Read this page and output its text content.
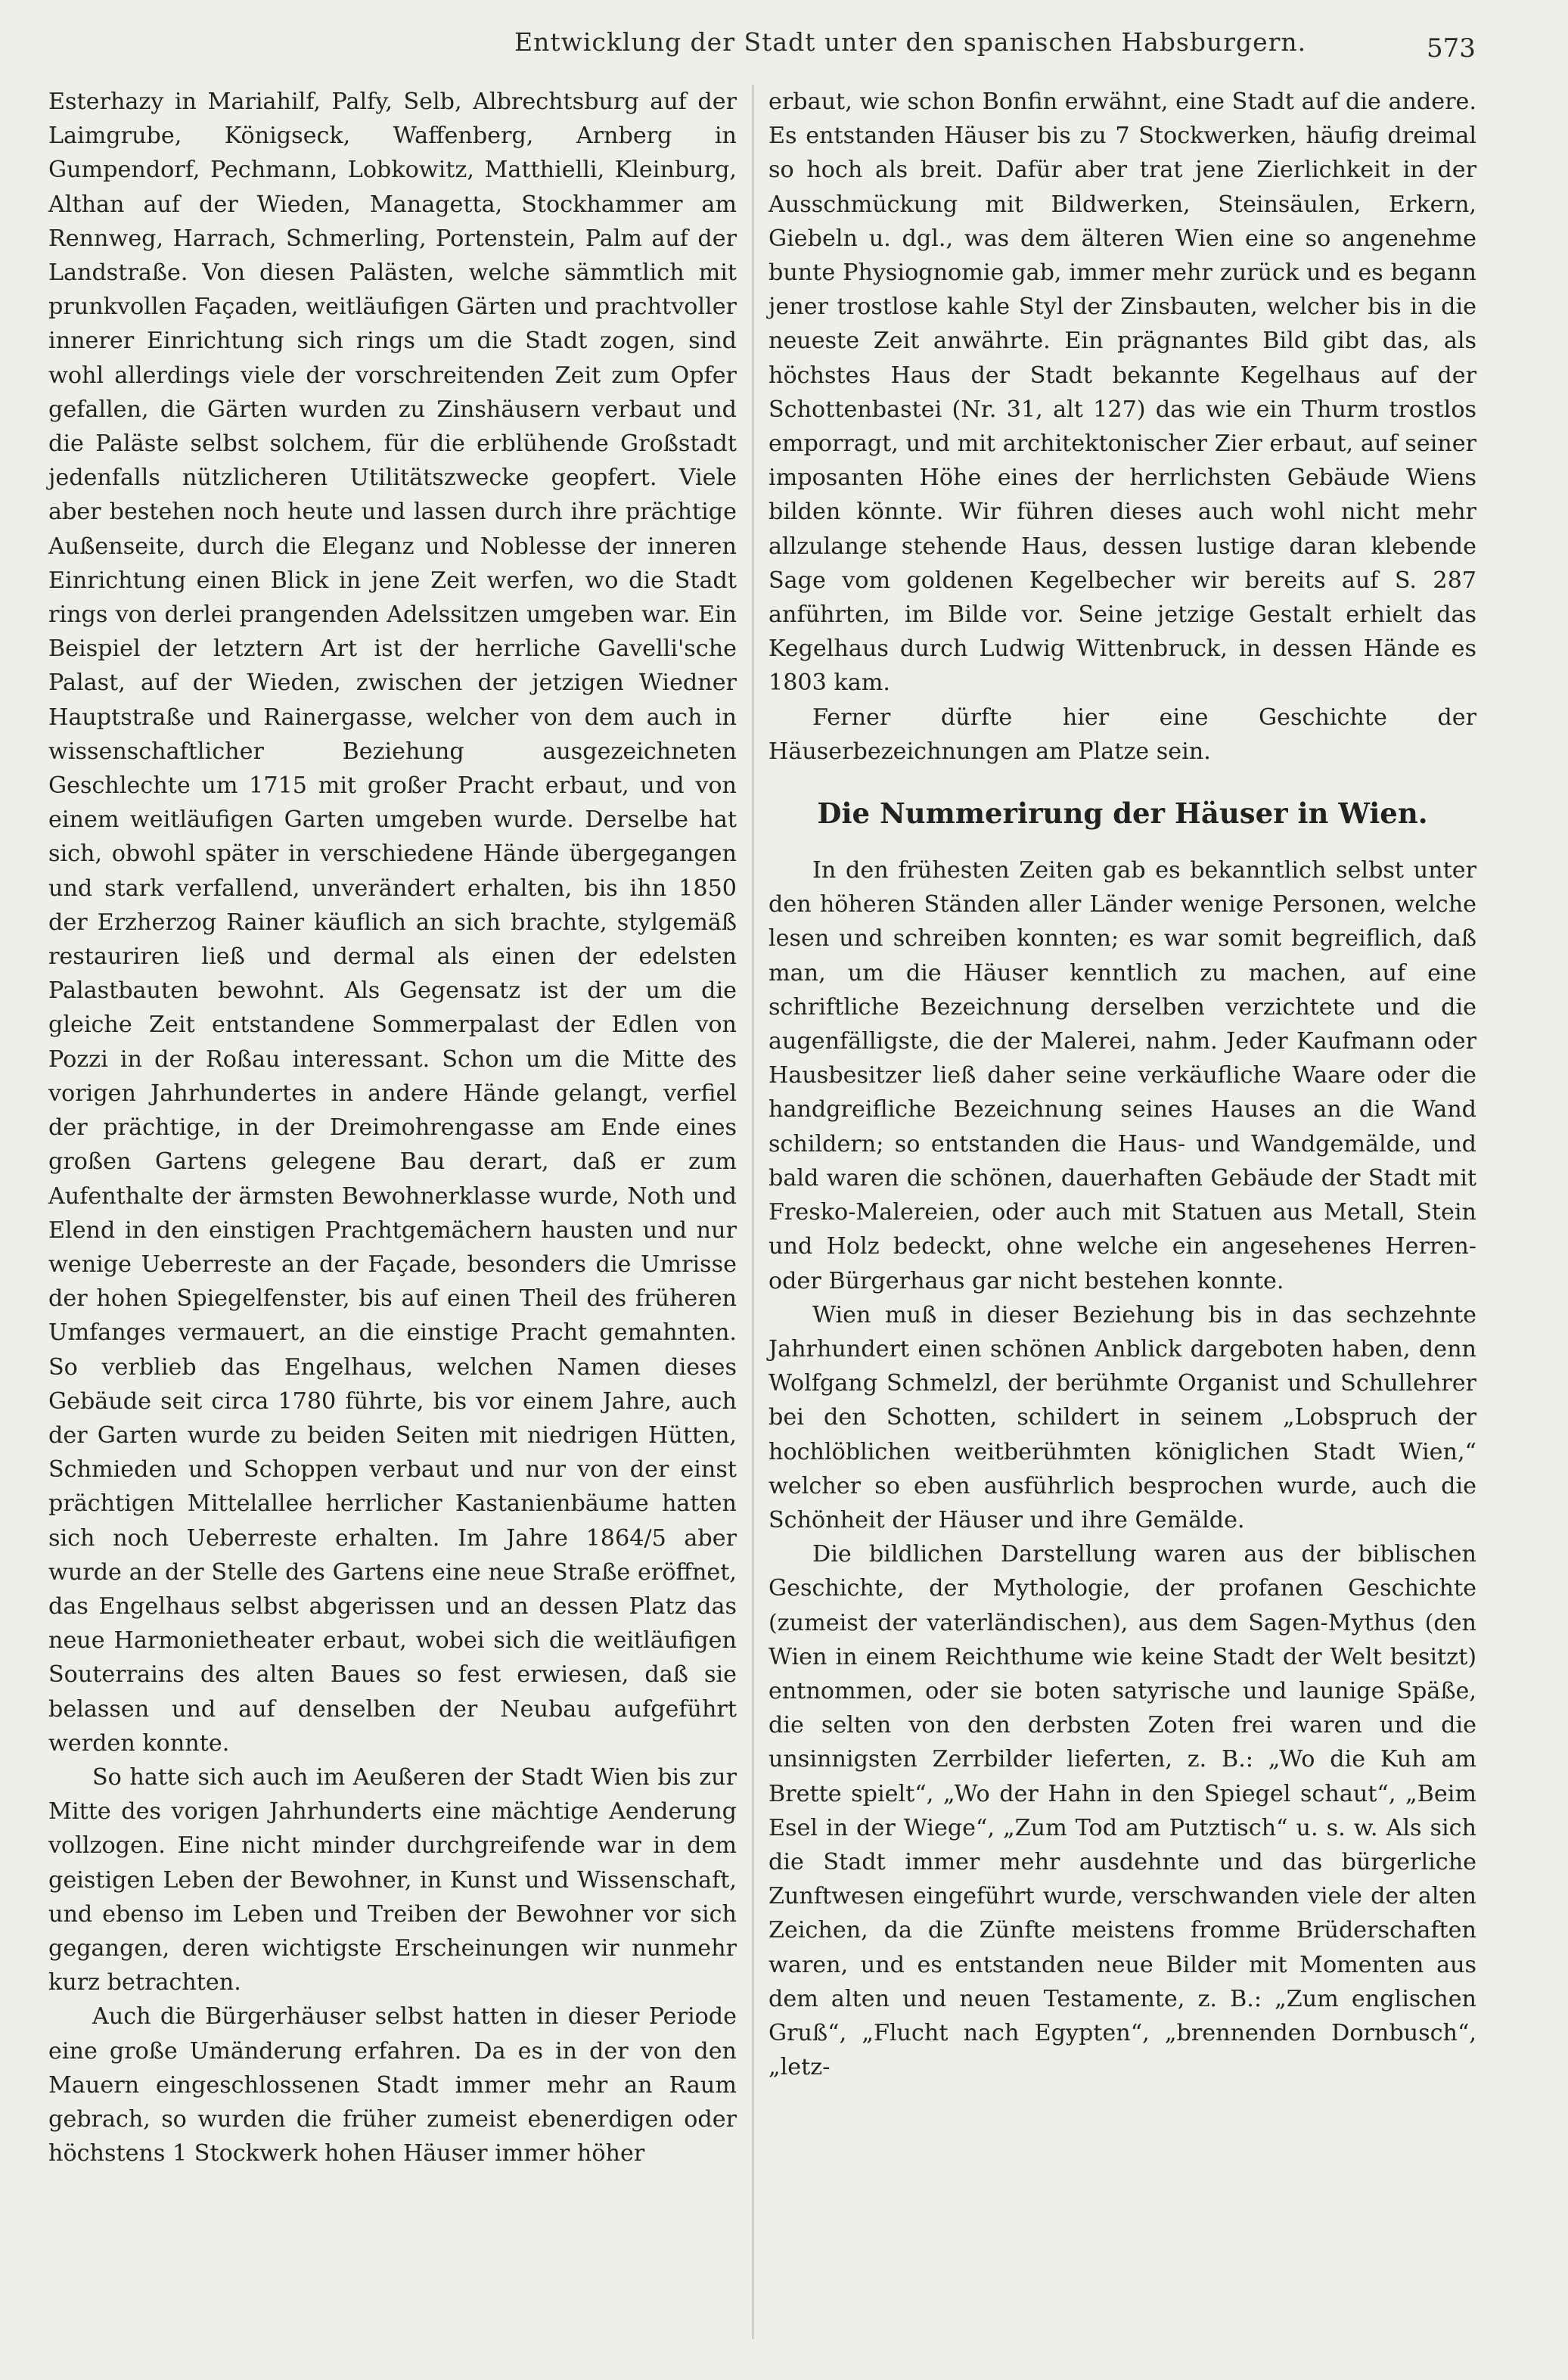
Entwicklung der Stadt unter den spanischen Habsburgern.	573

Esterhazy in Mariahilf, Palfy, Selb, Albrechtsburg auf der Laimgrube, Königseck, Waffenberg, Arnberg in Gumpendorf, Pechmann, Lobkowitz, Matthielli, Kleinburg, Althan auf der Wieden, Managetta, Stockhammer am Rennweg, Harrach, Schmerling, Portenstein, Palm auf der Landstraße. Von diesen Palästen, welche sämmtlich mit prunkvollen Façaden, weitläufigen Gärten und prachtvoller innerer Einrichtung sich rings um die Stadt zogen, sind wohl allerdings viele der vorschreitenden Zeit zum Opfer gefallen, die Gärten wurden zu Zinshäusern verbaut und die Paläste selbst solchem, für die erblühende Großstadt jedenfalls nützlicheren Utilitätszwecke geopfert. Viele aber bestehen noch heute und lassen durch ihre prächtige Außenseite, durch die Eleganz und Noblesse der inneren Einrichtung einen Blick in jene Zeit werfen, wo die Stadt rings von derlei prangenden Adelssitzen umgeben war. Ein Beispiel der letztern Art ist der herrliche Gavelli'sche Palast, auf der Wieden, zwischen der jetzigen Wiedner Hauptstraße und Rainergasse, welcher von dem auch in wissenschaftlicher Beziehung ausgezeichneten Geschlechte um 1715 mit großer Pracht erbaut, und von einem weitläufigen Garten umgeben wurde. Derselbe hat sich, obwohl später in verschiedene Hände übergegangen und stark verfallend, unverändert erhalten, bis ihn 1850 der Erzherzog Rainer käuflich an sich brachte, stylgemäß restauriren ließ und dermal als einen der edelsten Palastbauten bewohnt. Als Gegensatz ist der um die gleiche Zeit entstandene Sommerpalast der Edlen von Pozzi in der Roßau interessant. Schon um die Mitte des vorigen Jahrhundertes in andere Hände gelangt, verfiel der prächtige, in der Dreimohrengasse am Ende eines großen Gartens gelegene Bau derart, daß er zum Aufenthalte der ärmsten Bewohnerklasse wurde, Noth und Elend in den einstigen Prachtgemächern hausten und nur wenige Ueberreste an der Façade, besonders die Umrisse der hohen Spiegelfenster, bis auf einen Theil des früheren Umfanges vermauert, an die einstige Pracht gemahnten. So verblieb das Engelhaus, welchen Namen dieses Gebäude seit circa 1780 führte, bis vor einem Jahre, auch der Garten wurde zu beiden Seiten mit niedrigen Hütten, Schmieden und Schoppen verbaut und nur von der einst prächtigen Mittelallee herrlicher Kastanienbäume hatten sich noch Ueberreste erhalten. Im Jahre 1864/5 aber wurde an der Stelle des Gartens eine neue Straße eröffnet, das Engelhaus selbst abgerissen und an dessen Platz das neue Harmonietheater erbaut, wobei sich die weitläufigen Souterrains des alten Baues so fest erwiesen, daß sie belassen und auf denselben der Neubau aufgeführt werden konnte.

So hatte sich auch im Aeußeren der Stadt Wien bis zur Mitte des vorigen Jahrhunderts eine mächtige Aenderung vollzogen. Eine nicht minder durchgreifende war in dem geistigen Leben der Bewohner, in Kunst und Wissenschaft, und ebenso im Leben und Treiben der Bewohner vor sich gegangen, deren wichtigste Erscheinungen wir nunmehr kurz betrachten.

Auch die Bürgerhäuser selbst hatten in dieser Periode eine große Umänderung erfahren. Da es in der von den Mauern eingeschlossenen Stadt immer mehr an Raum gebrach, so wurden die früher zumeist ebenerdigen oder höchstens 1 Stockwerk hohen Häuser immer höher

erbaut, wie schon Bonfin erwähnt, eine Stadt auf die andere. Es entstanden Häuser bis zu 7 Stockwerken, häufig dreimal so hoch als breit. Dafür aber trat jene Zierlichkeit in der Ausschmückung mit Bildwerken, Steinsäulen, Erkern, Giebeln u. dgl., was dem älteren Wien eine so angenehme bunte Physiognomie gab, immer mehr zurück und es begann jener trostlose kahle Styl der Zinsbauten, welcher bis in die neueste Zeit anwährte. Ein prägnantes Bild gibt das, als höchstes Haus der Stadt bekannte Kegelhaus auf der Schottenbastei (Nr. 31, alt 127) das wie ein Thurm trostlos emporragt, und mit architektonischer Zier erbaut, auf seiner imposanten Höhe eines der herrlichsten Gebäude Wiens bilden könnte. Wir führen dieses auch wohl nicht mehr allzulange stehende Haus, dessen lustige daran klebende Sage vom goldenen Kegelbecher wir bereits auf S. 287 anführten, im Bilde vor. Seine jetzige Gestalt erhielt das Kegelhaus durch Ludwig Wittenbruck, in dessen Hände es 1803 kam.

Ferner dürfte hier eine Geschichte der Häuserbezeichnungen am Platze sein.

Die Nummerirung der Häuser in Wien.

In den frühesten Zeiten gab es bekanntlich selbst unter den höheren Ständen aller Länder wenige Personen, welche lesen und schreiben konnten; es war somit begreiflich, daß man, um die Häuser kenntlich zu machen, auf eine schriftliche Bezeichnung derselben verzichtete und die augenfälligste, die der Malerei, nahm. Jeder Kaufmann oder Hausbesitzer ließ daher seine verkäufliche Waare oder die handgreifliche Bezeichnung seines Hauses an die Wand schildern; so entstanden die Haus- und Wandgemälde, und bald waren die schönen, dauerhaften Gebäude der Stadt mit Fresko-Malereien, oder auch mit Statuen aus Metall, Stein und Holz bedeckt, ohne welche ein angesehenes Herren- oder Bürgerhaus gar nicht bestehen konnte.

Wien muß in dieser Beziehung bis in das sechzehnte Jahrhundert einen schönen Anblick dargeboten haben, denn Wolfgang Schmelzl, der berühmte Organist und Schullehrer bei den Schotten, schildert in seinem „Lobspruch der hochlöblichen weitberühmten königlichen Stadt Wien,“ welcher so eben ausführlich besprochen wurde, auch die Schönheit der Häuser und ihre Gemälde.

Die bildlichen Darstellung waren aus der biblischen Geschichte, der Mythologie, der profanen Geschichte (zumeist der vaterländischen), aus dem Sagen-Mythus (den Wien in einem Reichthume wie keine Stadt der Welt besitzt) entnommen, oder sie boten satyrische und launige Späße, die selten von den derbsten Zoten frei waren und die unsinnigsten Zerrbilder lieferten, z. B.: „Wo die Kuh am Brette spielt“, „Wo der Hahn in den Spiegel schaut“, „Beim Esel in der Wiege“, „Zum Tod am Putztisch“ u. s. w. Als sich die Stadt immer mehr ausdehnte und das bürgerliche Zunftwesen eingeführt wurde, verschwanden viele der alten Zeichen, da die Zünfte meistens fromme Brüderschaften waren, und es entstanden neue Bilder mit Momenten aus dem alten und neuen Testamente, z. B.: „Zum englischen Gruß“, „Flucht nach Egypten“, „brennenden Dornbusch“, „letz-
